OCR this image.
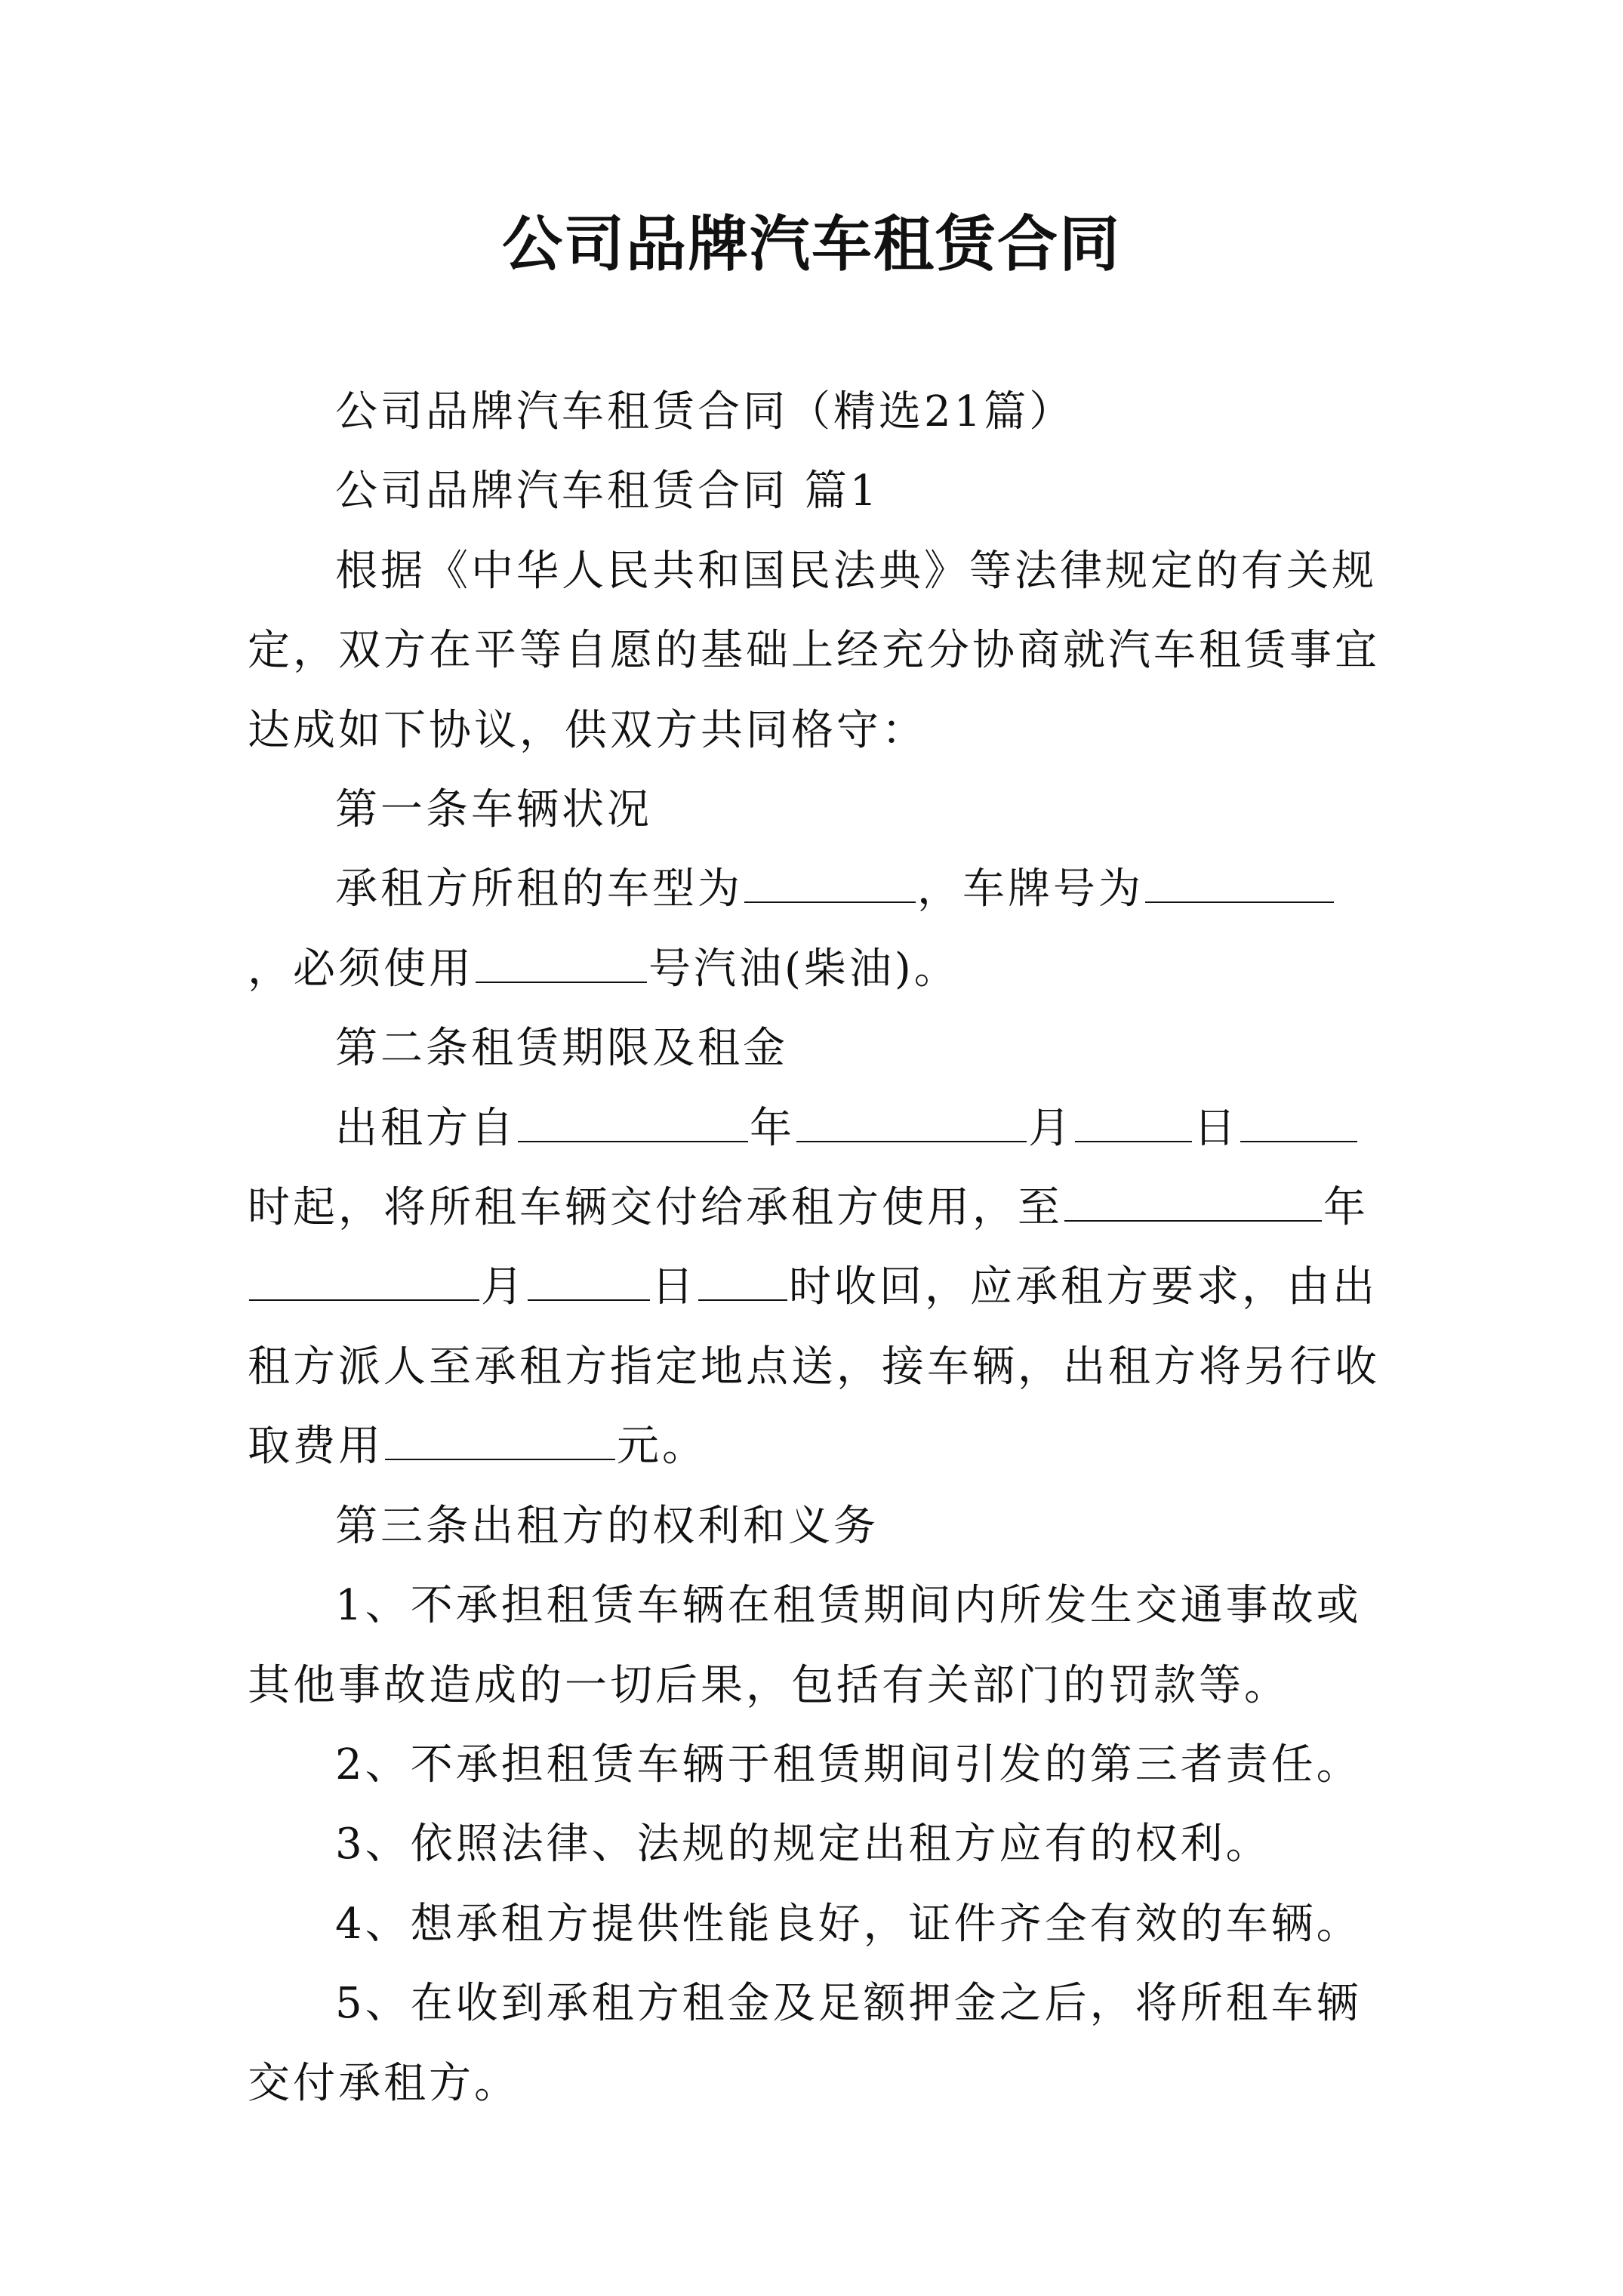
公司品牌汽车租赁合同

公司品牌汽车租赁合同（精选21篇）

公司品牌汽车租赁合同 篇1

根据《中华人民共和国民法典》等法律规定的有关规定，双方在平等自愿的基础上经充分协商就汽车租赁事宜达成如下协议，供双方共同格守：

第一条车辆状况

承租方所租的车型为	，车牌号为，必须使用	号汽油(柴油)。

第二条租赁期限及租金

出租方自	年	月	日时起，将所租车辆交付给承租方使用，至	年月	日 时收回，应承租方要求，由出租方派人至承租方指定地点送，接车辆，出租方将另行收取费用	元。

第三条出租方的权利和义务

1、不承担租赁车辆在租赁期间内所发生交通事故或其他事故造成的一切后果，包括有关部门的罚款等。

2、不承担租赁车辆于租赁期间引发的第三者责任。

3、依照法律、法规的规定出租方应有的权利。

4、想承租方提供性能良好，证件齐全有效的车辆。

5、在收到承租方租金及足额押金之后，将所租车辆交付承租方。
